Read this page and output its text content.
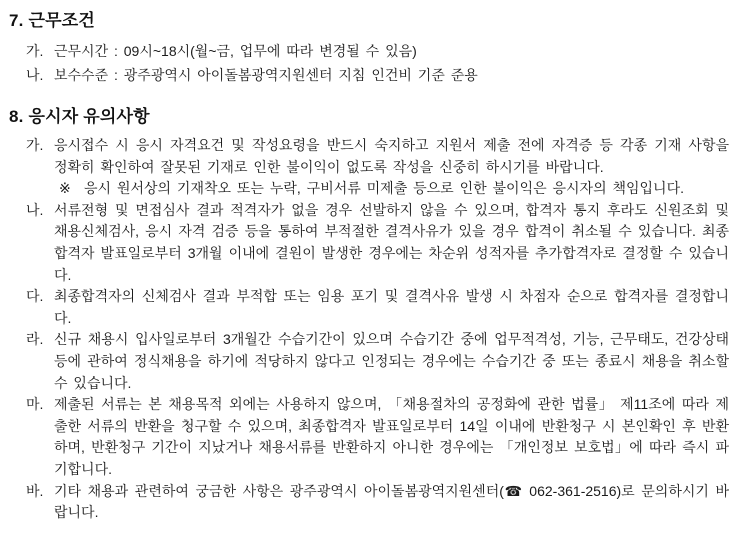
7. 근무조건
가. 근무시간 : 09시~18시(월~금, 업무에 따라 변경될 수 있음)
나. 보수수준 : 광주광역시 아이돌봄광역지원센터 지침 인건비 기준 준용
8. 응시자 유의사항
가. 응시접수 시 응시 자격요건 및 작성요령을 반드시 숙지하고 지원서 제출 전에 자격증 등 각종 기재 사항을 정확히 확인하여 잘못된 기재로 인한 불이익이 없도록 작성을 신중히 하시기를 바랍니다.
※ 응시 원서상의 기재착오 또는 누락, 구비서류 미제출 등으로 인한 불이익은 응시자의 책임입니다.
나. 서류전형 및 면접심사 결과 적격자가 없을 경우 선발하지 않을 수 있으며, 합격자 통지 후라도 신원조회 및 채용신체검사, 응시 자격 검증 등을 통하여 부적절한 결격사유가 있을 경우 합격이 취소될 수 있습니다. 최종합격자 발표일로부터 3개월 이내에 결원이 발생한 경우에는 차순위 성적자를 추가합격자로 결정할 수 있습니다.
다. 최종합격자의 신체검사 결과 부적합 또는 임용 포기 및 결격사유 발생 시 차점자 순으로 합격자를 결정합니다.
라. 신규 채용시 입사일로부터 3개월간 수습기간이 있으며 수습기간 중에 업무적격성, 기능, 근무태도, 건강상태 등에 관하여 정식채용을 하기에 적당하지 않다고 인정되는 경우에는 수습기간 중 또는 종료시 채용을 취소할 수 있습니다.
마. 제출된 서류는 본 채용목적 외에는 사용하지 않으며, 「채용절차의 공정화에 관한 법률」 제11조에 따라 제출한 서류의 반환을 청구할 수 있으며, 최종합격자 발표일로부터 14일 이내에 반환청구 시 본인확인 후 반환하며, 반환청구 기간이 지났거나 채용서류를 반환하지 아니한 경우에는 「개인정보 보호법」에 따라 즉시 파기합니다.
바. 기타 채용과 관련하여 궁금한 사항은 광주광역시 아이돌봄광역지원센터(☎ 062-361-2516)로 문의하시기 바랍니다.
